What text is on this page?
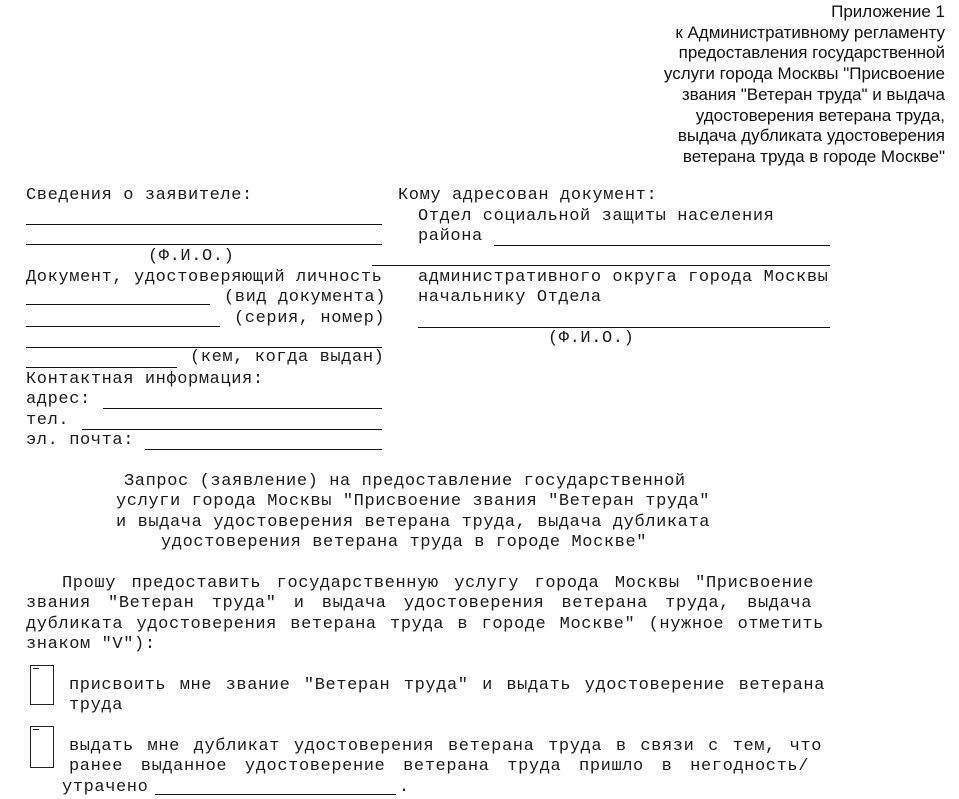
Приложение 1
к Административному регламенту
предоставления государственной
услуги города Москвы "Присвоение
звания "Ветеран труда" и выдача
удостоверения ветерана труда,
выдача дубликата удостоверения
ветерана труда в городе Москве"
Сведения о заявителе:
(Ф.И.О.)
Документ, удостоверяющий личность
(вид документа)
(серия, номер)
(кем, когда выдан)
Контактная информация:
адрес:
тел.
эл. почта:
Кому адресован документ:
Отдел социальной защиты населения
района
административного округа города Москвы
начальнику Отдела
(Ф.И.О.)
Запрос (заявление) на предоставление государственной
услуги города Москвы "Присвоение звания "Ветеран труда"
и выдача удостоверения ветерана труда, выдача дубликата
удостоверения ветерана труда в городе Москве"
Прошу предоставить государственную услугу города Москвы "Присвоение
звания "Ветеран труда" и выдача удостоверения ветерана труда, выдача
дубликата удостоверения ветерана труда в городе Москве" (нужное отметить
знаком "V"):
присвоить мне звание "Ветеран труда" и выдать удостоверение ветерана
труда
выдать мне дубликат удостоверения ветерана труда в связи с тем, что
ранее выданное удостоверение ветерана труда пришло в негодность/
утрачено	.
